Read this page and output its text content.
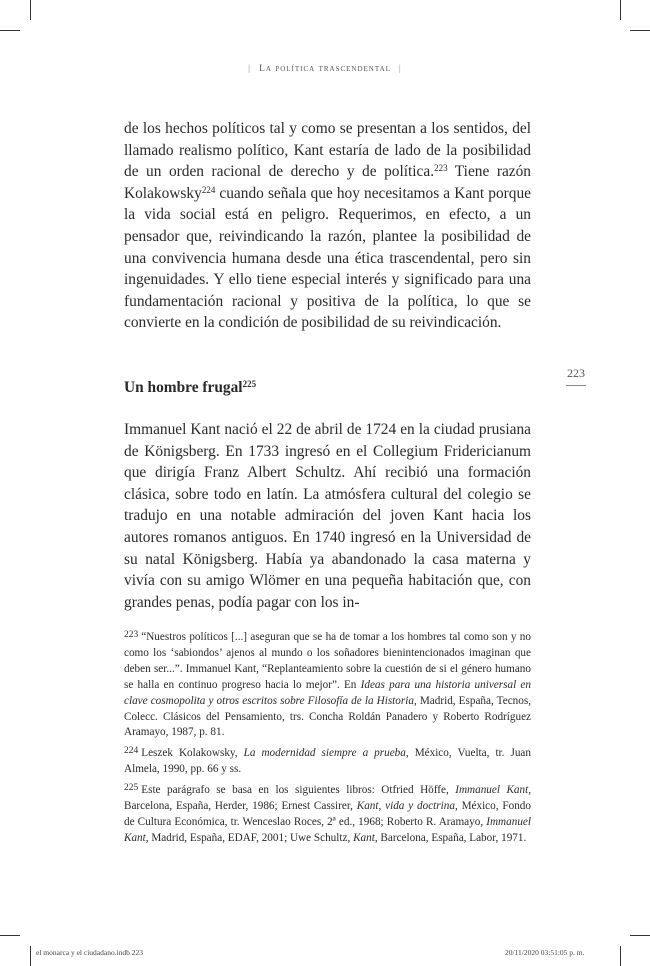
| La política trascendental |
223

de los hechos políticos tal y como se presentan a los sentidos, del llamado realismo político, Kant estaría de lado de la posibilidad de un orden racional de derecho y de política.$^{223}$ Tiene razón Kolakowsky$^{224}$ cuando señala que hoy necesitamos a Kant porque la vida social está en peligro. Requerimos, en efecto, a un pensador que, reivindicando la razón, plantee la posibilidad de una convivencia humana desde una ética trascendental, pero sin ingenuidades. Y ello tiene especial interés y significado para una fundamentación racional y positiva de la política, lo que se convierte en la condición de posibilidad de su reivindicación.

Un hombre frugal$^{225}$

Immanuel Kant nació el 22 de abril de 1724 en la ciudad prusiana de Königsberg. En 1733 ingresó en el Collegium Fridericianum que dirigía Franz Albert Schultz. Ahí recibió una formación clásica, sobre todo en latín. La atmósfera cultural del colegio se tradujo en una notable admiración del joven Kant hacia los autores romanos antiguos. En 1740 ingresó en la Universidad de su natal Königsberg. Había ya abandonado la casa materna y vivía con su amigo Wlömer en una pequeña habitación que, con grandes penas, podía pagar con los in-

$^{223}$ “Nuestros políticos [...] aseguran que se ha de tomar a los hombres tal como son y no como los ‘sabiondos’ ajenos al mundo o los soñadores bienintencionados imaginan que deben ser...”. Immanuel Kant, “Replanteamiento sobre la cuestión de si el género humano se halla en continuo progreso hacia lo mejor”. En Ideas para una historia universal en clave cosmopolita y otros escritos sobre Filosofía de la Historia, Madrid, España, Tecnos, Colecc. Clásicos del Pensamiento, trs. Concha Roldán Panadero y Roberto Rodríguez Aramayo, 1987, p. 81.

$^{224}$ Leszek Kolakowsky, La modernidad siempre a prueba, México, Vuelta, tr. Juan Almela, 1990, pp. 66 y ss.

$^{225}$ Este parágrafo se basa en los siguientes libros: Otfried Höffe, Immanuel Kant, Barcelona, España, Herder, 1986; Ernest Cassirer, Kant, vida y doctrina, México, Fondo de Cultura Económica, tr. Wenceslao Roces, 2ª ed., 1968; Roberto R. Aramayo, Immanuel Kant, Madrid, España, EDAF, 2001; Uwe Schultz, Kant, Barcelona, España, Labor, 1971.

el monarca y el ciudadano.indb 223	20/11/2020 03:51:05 p. m.
